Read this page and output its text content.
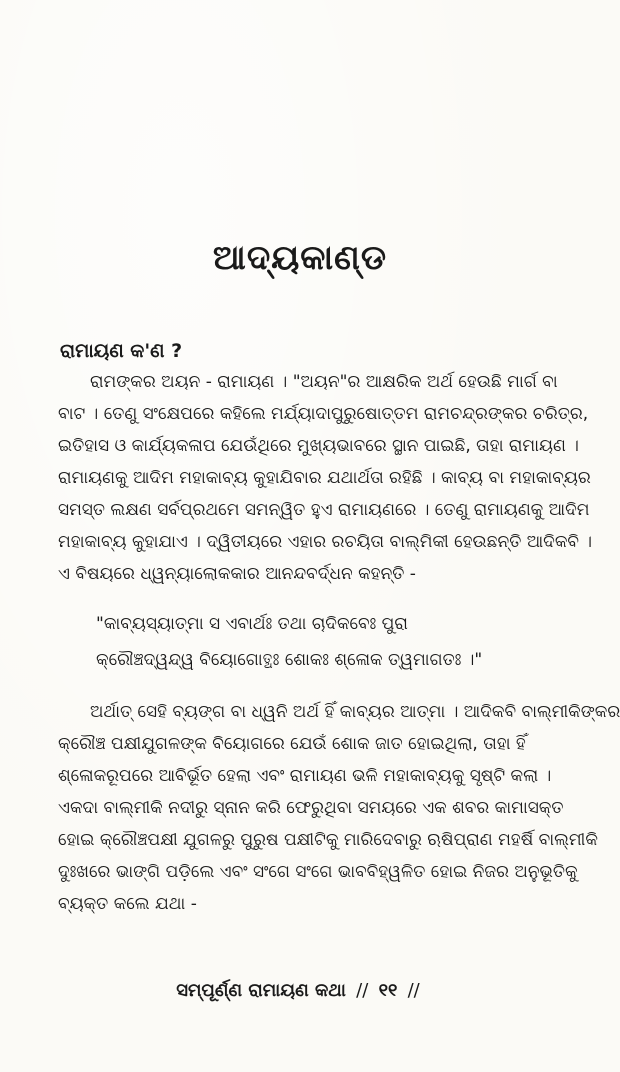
ଆଦ୍ୟକାଣ୍ଡ
ରାମାୟଣ କ'ଣ ?
ରାମଙ୍କର ଅୟନ - ରାମାୟଣ । "ଅୟନ"ର ଆକ୍ଷରିକ ଅର୍ଥ ହେଉଛି ମାର୍ଗ ବା
ବାଟ । ତେଣୁ ସଂକ୍ଷେପରେ କହିଲେ ମର୍ଯ୍ୟାଦାପୁରୁଷୋତ୍ତମ ରାମଚନ୍ଦ୍ରଙ୍କର ଚରିତ୍ର,
ଇତିହାସ ଓ କାର୍ଯ୍ୟକଳାପ ଯେଉଁଥିରେ ମୁଖ୍ୟଭାବରେ ସ୍ଥାନ ପାଇଛି, ତାହା ରାମାୟଣ ।
ରାମାୟଣକୁ ଆଦିମ ମହାକାବ୍ୟ କୁହାଯିବାର ଯଥାର୍ଥତା ରହିଛି । କାବ୍ୟ ବା ମହାକାବ୍ୟର
ସମସ୍ତ ଲକ୍ଷଣ ସର୍ବପ୍ରଥମେ ସମନ୍ୱିତ ହୁଏ ରାମାୟଣରେ । ତେଣୁ ରାମାୟଣକୁ ଆଦିମ
ମହାକାବ୍ୟ କୁହାଯାଏ । ଦ୍ୱିତୀୟରେ ଏହାର ରଚୟିତା ବାଲ୍ମିକୀ ହେଉଛନ୍ତି ଆଦିକବି ।
ଏ ବିଷୟରେ ଧ୍ୱନ୍ୟାଲୋକକାର ଆନନ୍ଦବର୍ଦ୍ଧନ କହନ୍ତି -
"କାବ୍ୟସ୍ୟାତ୍ମା ସ ଏବାର୍ଥଃ ତଥା ଚାଦିକବେଃ ପୁରା
କ୍ରୌଞ୍ଚଦ୍ୱନ୍ଦ୍ୱ ବିୟୋଗୋତ୍ଥଃ ଶୋକଃ ଶ୍ଳୋକ ତ୍ୱମାଗତଃ ।"
ଅର୍ଥାତ୍ ସେହି ବ୍ୟଙ୍ଗ ବା ଧ୍ୱନି ଅର୍ଥ ହିଁ କାବ୍ୟର ଆତ୍ମା । ଆଦିକବି ବାଲ୍ମୀକିଙ୍କର
କ୍ରୌଞ୍ଚ ପକ୍ଷୀଯୁଗଳଙ୍କ ବିୟୋଗରେ ଯେଉଁ ଶୋକ ଜାତ ହୋଇଥିଲା, ତାହା ହିଁ
ଶ୍ଳୋକରୂପରେ ଆବିର୍ଭୂତ ହେଲା ଏବଂ ରାମାୟଣ ଭଳି ମହାକାବ୍ୟକୁ ସୃଷ୍ଟି କଲା ।
ଏକଦା ବାଲ୍ମୀକି ନଦୀରୁ ସ୍ନାନ କରି ଫେରୁଥିବା ସମୟରେ ଏକ ଶବର କାମାସକ୍ତ
ହୋଇ କ୍ରୌଞ୍ଚପକ୍ଷୀ ଯୁଗଳରୁ ପୁରୁଷ ପକ୍ଷୀଟିକୁ ମାରିଦେବାରୁ ଋଷିପ୍ରାଣ ମହର୍ଷି ବାଲ୍ମୀକି
ଦୁଃଖରେ ଭାଙ୍ଗି ପଡ଼ିଲେ ଏବଂ ସଂଗେ ସଂଗେ ଭାବବିହ୍ୱଳିତ ହୋଇ ନିଜର ଅନୁଭୂତିକୁ
ବ୍ୟକ୍ତ କଲେ ଯଥା -
ସମ୍ପୂର୍ଣ୍ଣ ରାମାୟଣ କଥା // ୧୧ //
